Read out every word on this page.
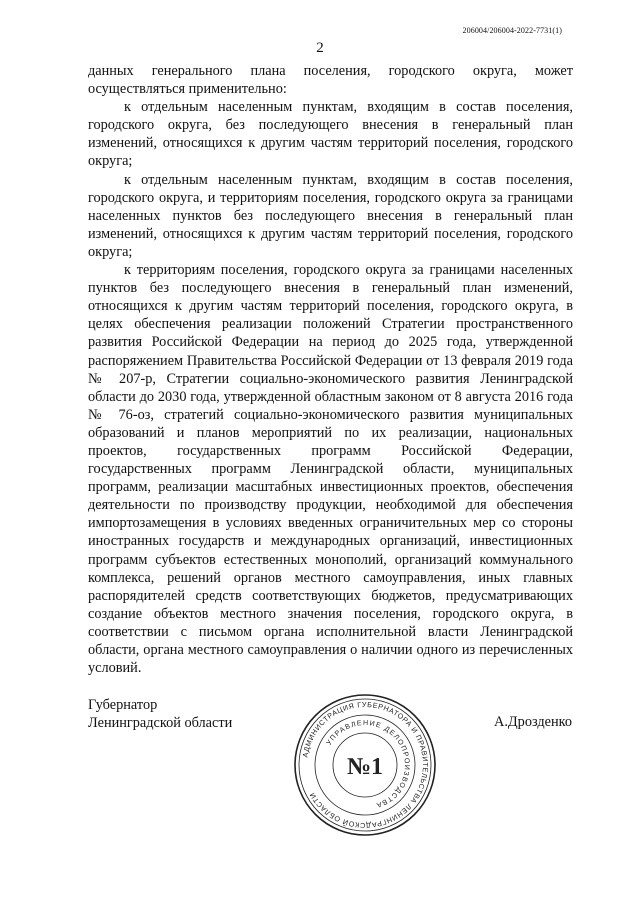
206004/206004-2022-7731(1)
2

данных генерального плана поселения, городского округа, может осуществляться применительно:

к отдельным населенным пунктам, входящим в состав поселения, городского округа, без последующего внесения в генеральный план изменений, относящихся к другим частям территорий поселения, городского округа;

к отдельным населенным пунктам, входящим в состав поселения, городского округа, и территориям поселения, городского округа за границами населенных пунктов без последующего внесения в генеральный план изменений, относящихся к другим частям территорий поселения, городского округа;

к территориям поселения, городского округа за границами населенных пунктов без последующего внесения в генеральный план изменений, относящихся к другим частям территорий поселения, городского округа, в целях обеспечения реализации положений Стратегии пространственного развития Российской Федерации на период до 2025 года, утвержденной распоряжением Правительства Российской Федерации от 13 февраля 2019 года № 207-р, Стратегии социально-экономического развития Ленинградской области до 2030 года, утвержденной областным законом от 8 августа 2016 года № 76-оз, стратегий социально-экономического развития муниципальных образований и планов мероприятий по их реализации, национальных проектов, государственных программ Российской Федерации, государственных программ Ленинградской области, муниципальных программ, реализации масштабных инвестиционных проектов, обеспечения деятельности по производству продукции, необходимой для обеспечения импортозамещения в условиях введенных ограничительных мер со стороны иностранных государств и международных организаций, инвестиционных программ субъектов естественных монополий, организаций коммунального комплекса, решений органов местного самоуправления, иных главных распорядителей средств соответствующих бюджетов, предусматривающих создание объектов местного значения поселения, городского округа, в соответствии с письмом органа исполнительной власти Ленинградской области, органа местного самоуправления о наличии одного из перечисленных условий.

Губернатор
Ленинградской области	А.Дрозденко
АДМИНИСТРАЦИЯ ГУБЕРНАТОРА И ПРАВИТЕЛЬСТВА ЛЕНИНГРАДСКОЙ ОБЛАСТИ
УПРАВЛЕНИЕ ДЕЛОПРОИЗВОДСТВА
№1
